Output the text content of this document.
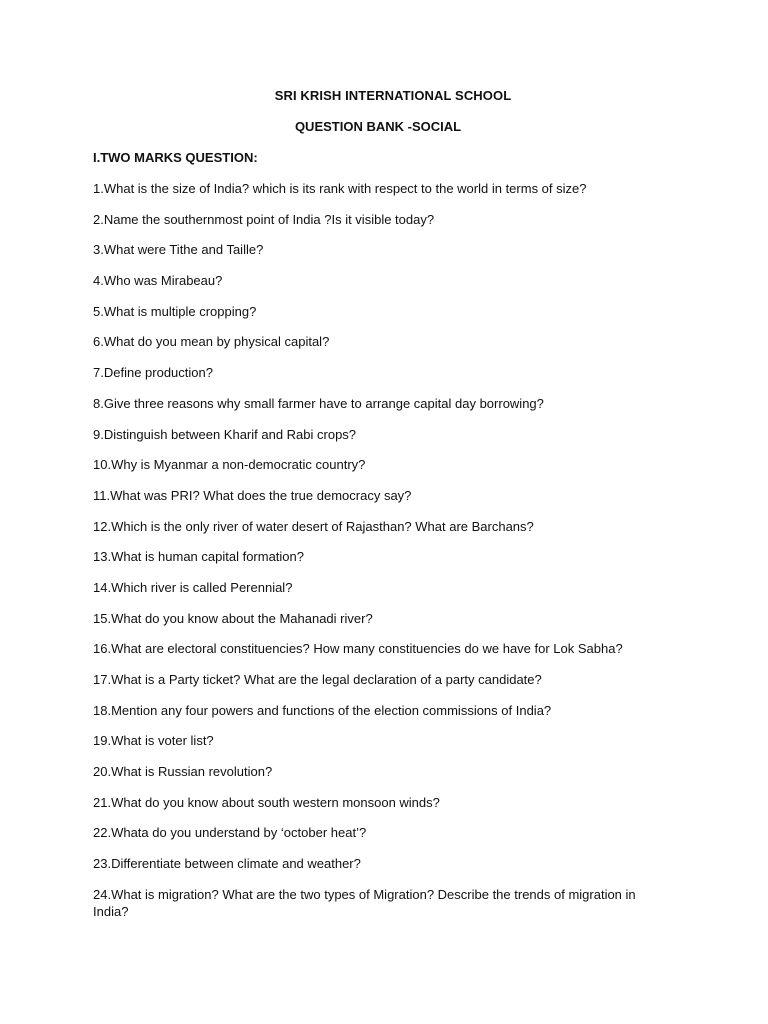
SRI KRISH INTERNATIONAL SCHOOL
QUESTION BANK -SOCIAL
I.TWO MARKS QUESTION:
1.What is the size of India? which is its rank with respect to the world in terms of size?
2.Name the southernmost point of India ?Is it visible today?
3.What were Tithe and Taille?
4.Who was Mirabeau?
5.What is multiple cropping?
6.What do you mean by physical capital?
7.Define production?
8.Give three reasons why small farmer have to arrange capital day borrowing?
9.Distinguish between Kharif and Rabi crops?
10.Why is Myanmar a non-democratic country?
11.What was PRI? What does the true democracy say?
12.Which is the only river of water desert of Rajasthan? What are Barchans?
13.What is human capital formation?
14.Which river is called Perennial?
15.What do you know about the Mahanadi river?
16.What are electoral constituencies? How many constituencies do we have for Lok Sabha?
17.What is a Party ticket? What are the legal declaration of a party candidate?
18.Mention any four powers and functions of the election commissions of India?
19.What is voter list?
20.What is Russian revolution?
21.What do you know about south western monsoon winds?
22.Whata do you understand by ‘october heat’?
23.Differentiate between climate and weather?
24.What is migration? What are the two types of Migration? Describe the trends of migration in India?
